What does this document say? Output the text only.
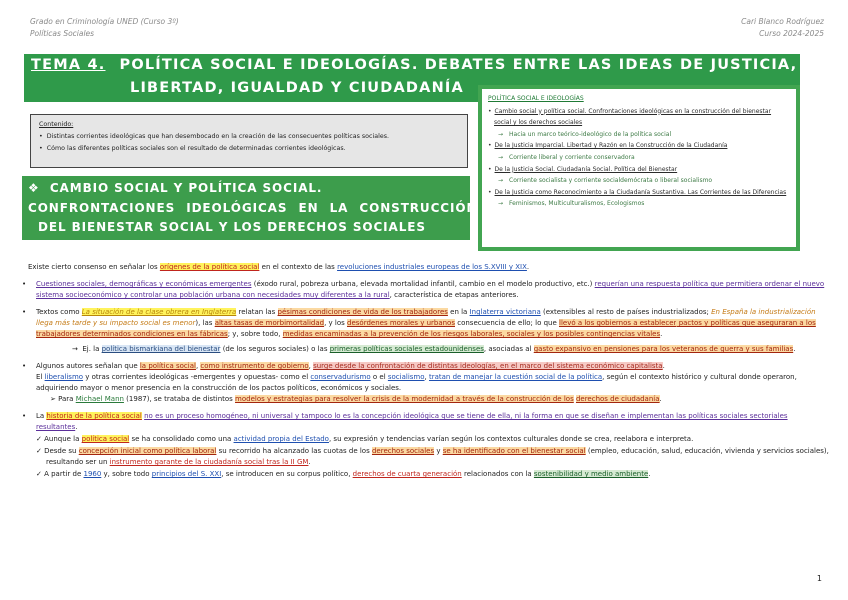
Grado en Criminología UNED (Curso 3º)
Políticas Sociales
Cari Blanco Rodríguez
Curso 2024-2025
TEMA 4. POLÍTICA SOCIAL E IDEOLOGÍAS. DEBATES ENTRE LAS IDEAS DE JUSTICIA,
LIBERTAD, IGUALDAD Y CIUDADANÍA
Contenido:
• Distintas corrientes ideológicas que han desembocado en la creación de las consecuentes políticas sociales.
• Cómo las diferentes políticas sociales son el resultado de determinadas corrientes ideológicas.
❖ CAMBIO SOCIAL Y POLÍTICA SOCIAL.
CONFRONTACIONES IDEOLÓGICAS EN LA CONSTRUCCIÓN
DEL BIENESTAR SOCIAL Y LOS DERECHOS SOCIALES
POLÍTICA SOCIAL E IDEOLOGÍAS
• Cambio social y política social. Confrontaciones ideológicas en la construcción del bienestar social y los derechos sociales
→ Hacia un marco teórico-ideológico de la política social
• De la Justicia Imparcial. Libertad y Razón en la Construcción de la Ciudadanía
→ Corriente liberal y corriente conservadora
• De la Justicia Social. Ciudadanía Social. Política del Bienestar
→ Corriente socialista y corriente socialdemócrata o liberal socialismo
• De la Justicia como Reconocimiento a la Ciudadanía Sustantiva. Las Corrientes de las Diferencias
→ Feminismos, Multiculturalismos, Ecologismos
Existe cierto consenso en señalar los orígenes de la política social en el contexto de las revoluciones industriales europeas de los S.XVIII y XIX.
• Cuestiones sociales, demográficas y económicas emergentes (éxodo rural, pobreza urbana, elevada mortalidad infantil, cambio en el modelo productivo, etc.) requerían una respuesta política que permitiera ordenar el nuevo sistema socioeconómico y controlar una población urbana con necesidades muy diferentes a la rural, característica de etapas anteriores.
• Textos como La situación de la clase obrera en Inglaterra relatan las pésimas condiciones de vida de los trabajadores en la Inglaterra victoriana (extensibles al resto de países industrializados; En España la industrialización llega más tarde y su impacto social es menor), las altas tasas de morbimortalidad, y los desórdenes morales y urbanos consecuencia de ello; lo que llevó a los gobiernos a establecer pactos y políticas que aseguraran a los trabajadores determinados condiciones en las fábricas; y, sobre todo, medidas encaminadas a la prevención de los riesgos laborales, sociales y los posibles contingencias vitales.
→ Ej. la política bismarkiana del bienestar (de los seguros sociales) o las primeras políticas sociales estadounidenses, asociadas al gasto expansivo en pensiones para los veteranos de guerra y sus familias.
• Algunos autores señalan que la política social, como instrumento de gobierno, surge desde la confrontación de distintas ideologías, en el marco del sistema económico capitalista.
El liberalismo y otras corrientes ideológicas -emergentes y opuestas- como el conservadurismo o el socialismo, tratan de manejar la cuestión social de la política, según el contexto histórico y cultural donde operaron, adquiriendo mayor o menor presencia en la construcción de los pactos políticos, económicos y sociales.
➢ Para Michael Mann (1987), se trataba de distintos modelos y estrategias para resolver la crisis de la modernidad a través de la construcción de los derechos de ciudadanía.
• La historia de la política social no es un proceso homogéneo, ni universal y tampoco lo es la concepción ideológica que se tiene de ella, ni la forma en que se diseñan e implementan las políticas sociales sectoriales resultantes.
✓ Aunque la política social se ha consolidado como una actividad propia del Estado, su expresión y tendencias varían según los contextos culturales donde se crea, reelabora e interpreta.
✓ Desde su concepción inicial como política laboral su recorrido ha alcanzado las cuotas de los derechos sociales y se ha identificado con el bienestar social (empleo, educación, salud, educación, vivienda y servicios sociales), resultando ser un instrumento garante de la ciudadanía social tras la II GM.
✓ A partir de 1960 y, sobre todo principios del S. XXI, se introducen en su corpus político, derechos de cuarta generación relacionados con la sostenibilidad y medio ambiente.
1
